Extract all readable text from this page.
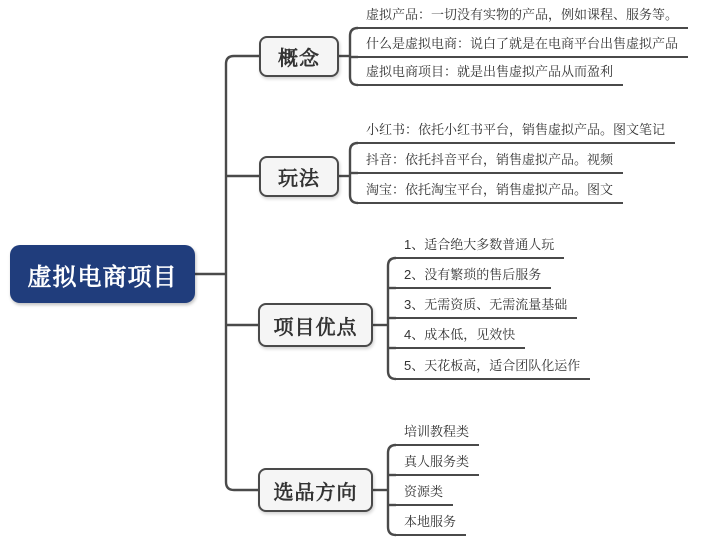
虚拟电商项目
概念
玩法
项目优点
选品方向
虚拟产品：一切没有实物的产品，例如课程、服务等。
什么是虚拟电商：说白了就是在电商平台出售虚拟产品
虚拟电商项目：就是出售虚拟产品从而盈利
小红书：依托小红书平台，销售虚拟产品。图文笔记
抖音：依托抖音平台，销售虚拟产品。视频
淘宝：依托淘宝平台，销售虚拟产品。图文
1、适合绝大多数普通人玩
2、没有繁琐的售后服务
3、无需资质、无需流量基础
4、成本低，见效快
5、天花板高，适合团队化运作
培训教程类
真人服务类
资源类
本地服务
